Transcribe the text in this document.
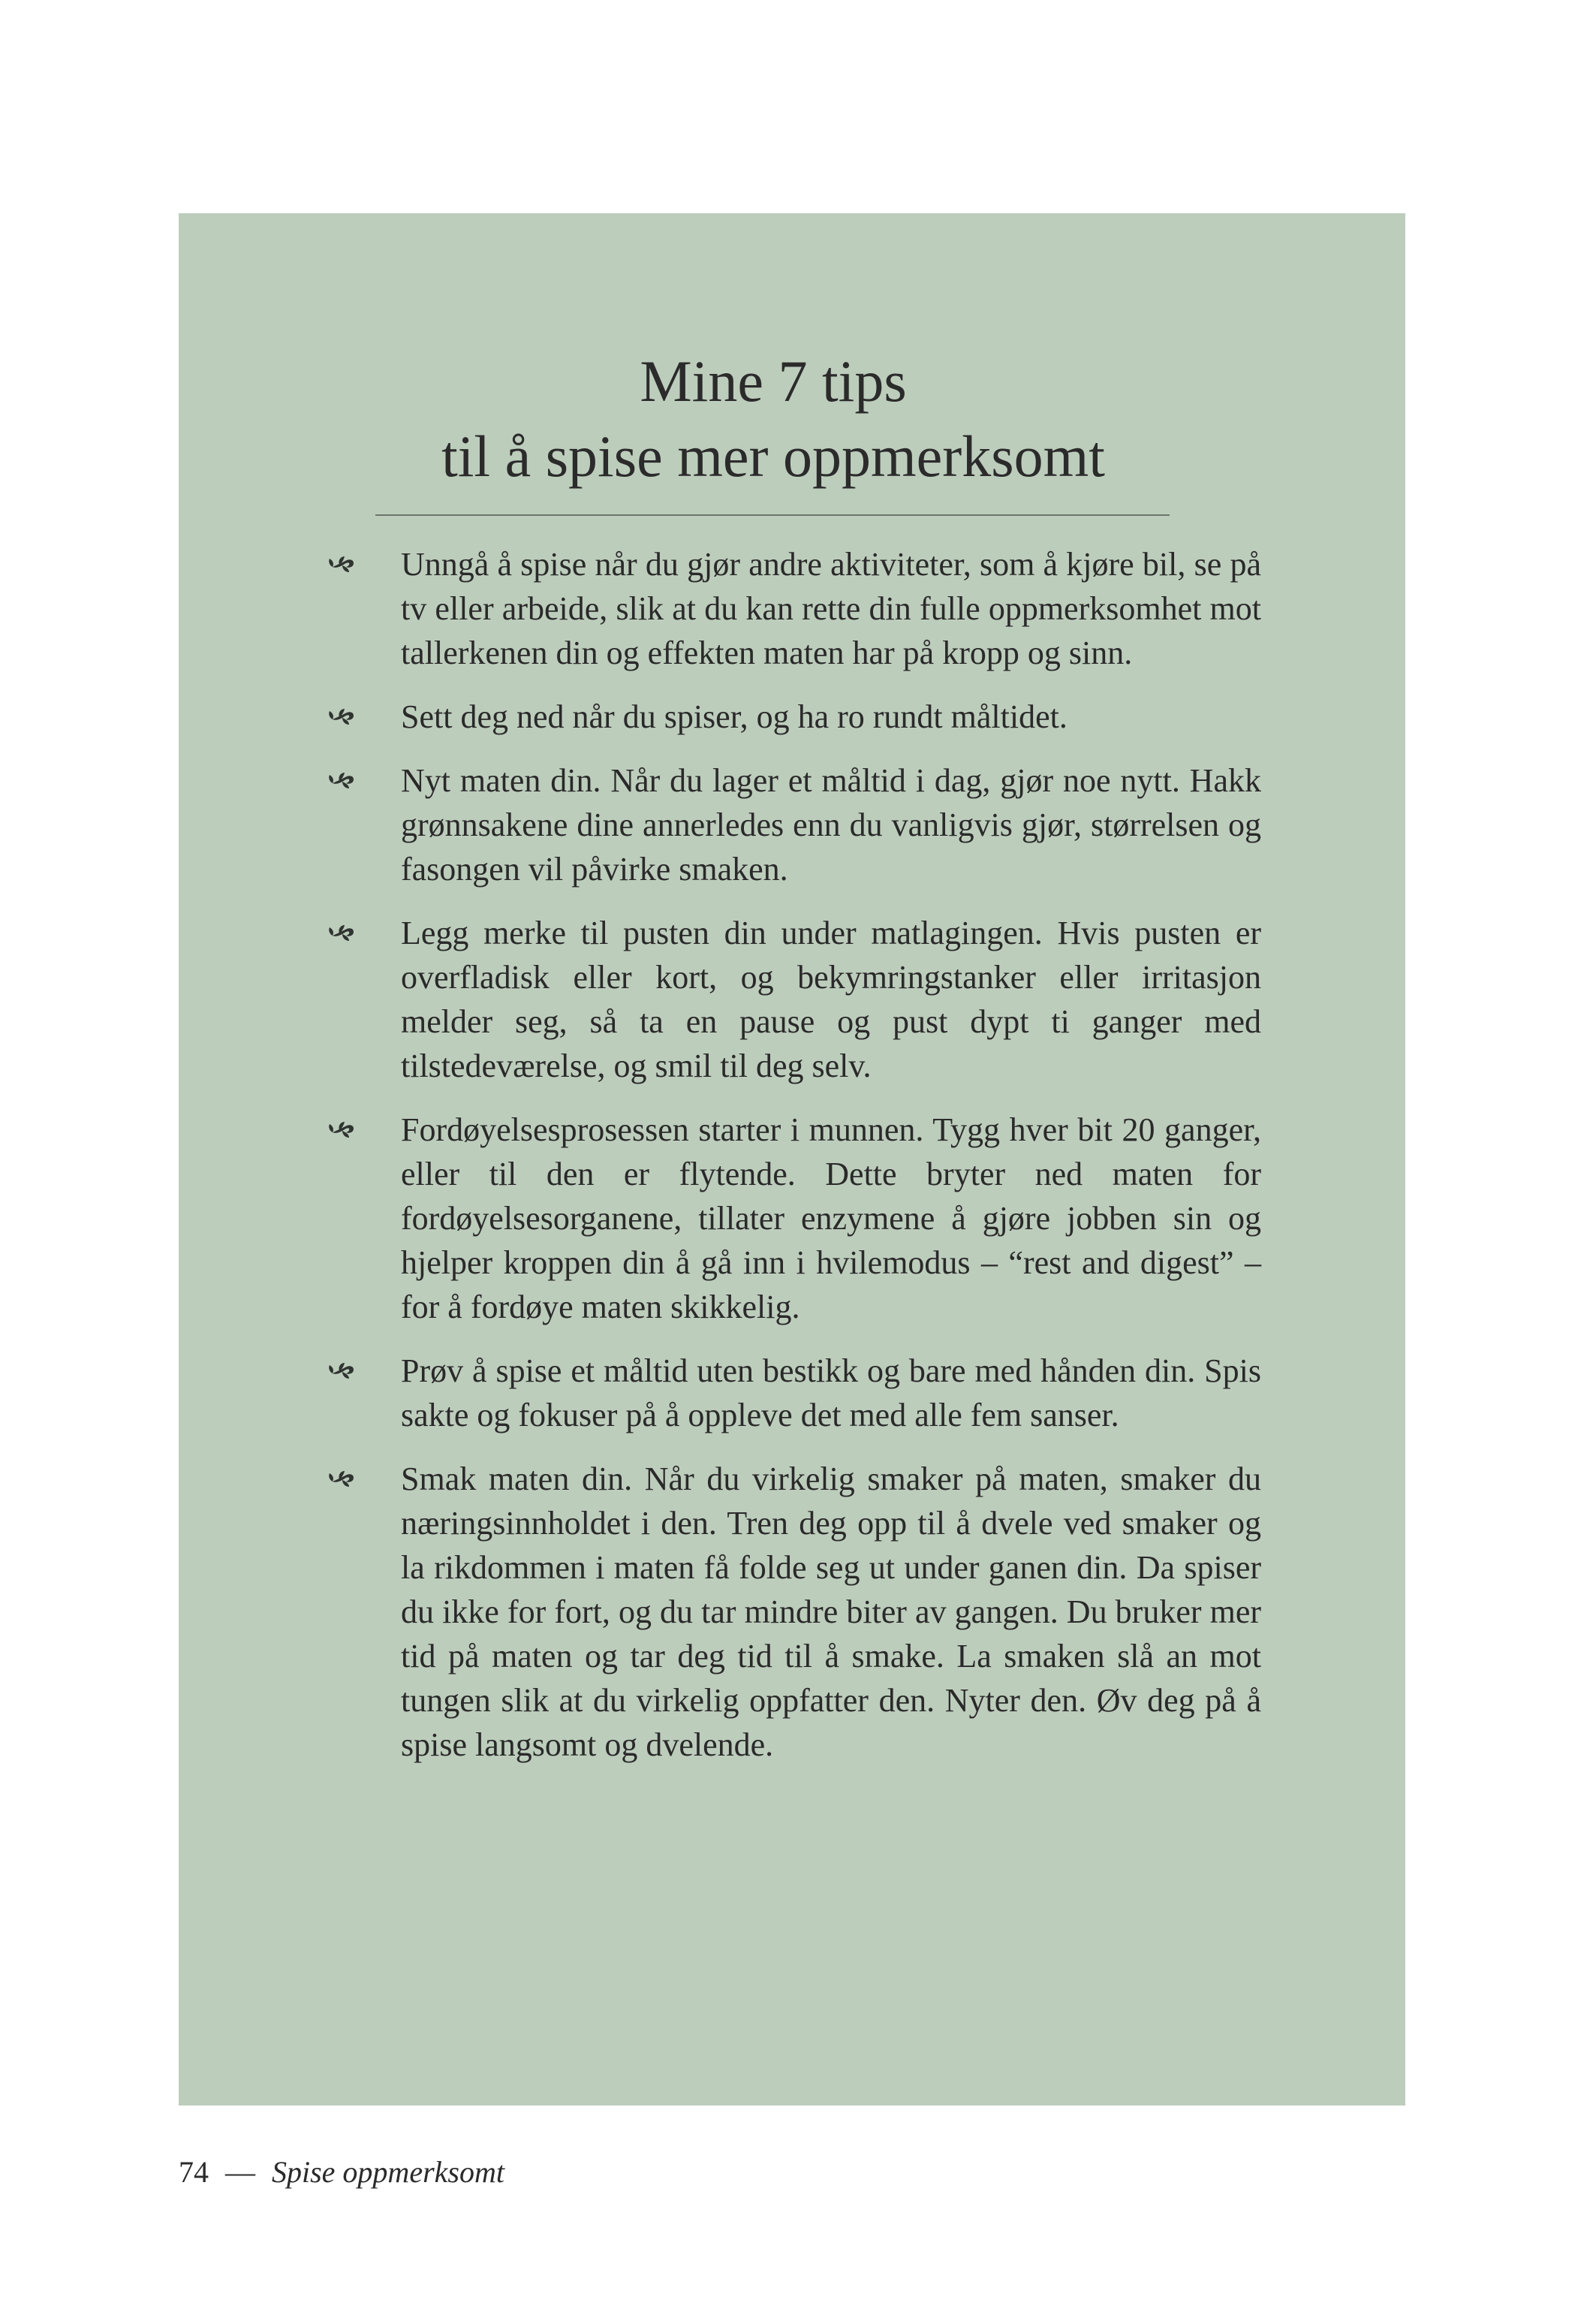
Mine 7 tips
til å spise mer oppmerksomt
Unngå å spise når du gjør andre aktiviteter, som å kjøre bil, se på tv eller arbeide, slik at du kan rette din fulle oppmerksomhet mot tallerkenen din og effekten maten har på kropp og sinn.
Sett deg ned når du spiser, og ha ro rundt måltidet.
Nyt maten din. Når du lager et måltid i dag, gjør noe nytt. Hakk grønnsakene dine annerledes enn du vanligvis gjør, størrelsen og fasongen vil påvirke smaken.
Legg merke til pusten din under matlagingen. Hvis pusten er overfladisk eller kort, og bekymringstanker eller irritasjon melder seg, så ta en pause og pust dypt ti ganger med tilstedeværelse, og smil til deg selv.
Fordøyelsesprosessen starter i munnen. Tygg hver bit 20 ganger, eller til den er flytende. Dette bryter ned maten for fordøyelsesorganene, tillater enzymene å gjøre jobben sin og hjelper kroppen din å gå inn i hvilemodus – “rest and digest” – for å fordøye maten skikkelig.
Prøv å spise et måltid uten bestikk og bare med hånden din. Spis sakte og fokuser på å oppleve det med alle fem sanser.
Smak maten din. Når du virkelig smaker på maten, smaker du næringsinnholdet i den. Tren deg opp til å dvele ved smaker og la rikdommen i maten få folde seg ut under ganen din. Da spiser du ikke for fort, og du tar mindre biter av gangen. Du bruker mer tid på maten og tar deg tid til å smake. La smaken slå an mot tungen slik at du virkelig oppfatter den. Nyter den. Øv deg på å spise langsomt og dvelende.
74 — Spise oppmerksomt
